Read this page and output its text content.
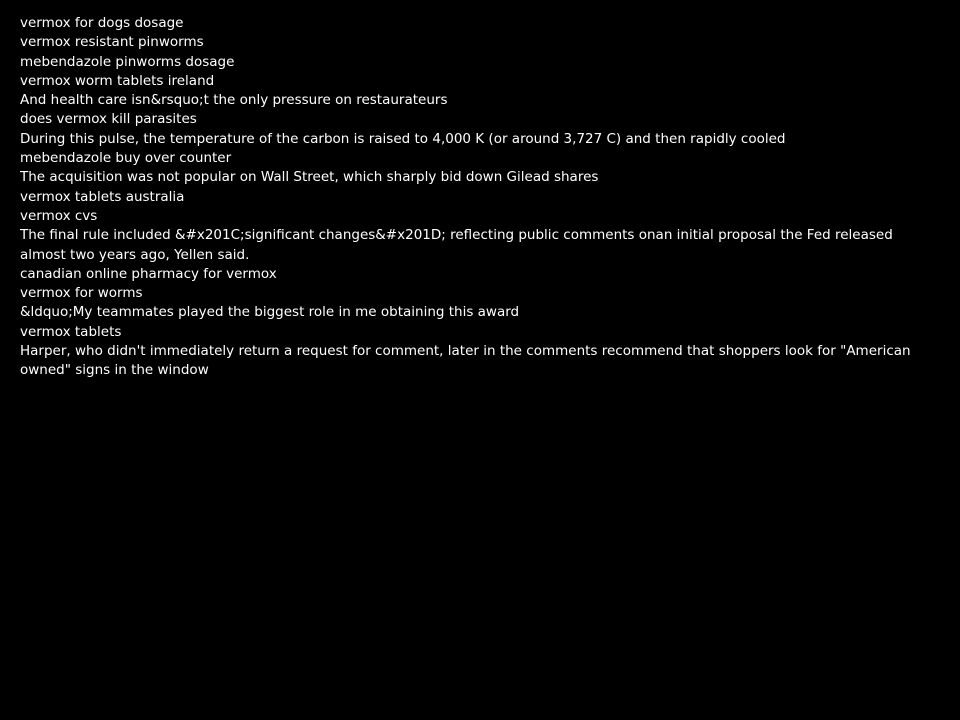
vermox for dogs dosage
vermox resistant pinworms
mebendazole pinworms dosage
vermox worm tablets ireland
And health care isn&rsquo;t the only pressure on restaurateurs
does vermox kill parasites
During this pulse, the temperature of the carbon is raised to 4,000 K (or around 3,727 C) and then rapidly cooled
mebendazole buy over counter
The acquisition was not popular on Wall Street, which sharply bid down Gilead shares
vermox tablets australia
vermox cvs
The final rule included &#x201C;significant changes&#x201D; reflecting public comments onan initial proposal the Fed released almost two years ago, Yellen said.
canadian online pharmacy for vermox
vermox for worms
&ldquo;My teammates played the biggest role in me obtaining this award
vermox tablets
Harper, who didn't immediately return a request for comment, later in the comments recommend that shoppers look for "American owned" signs in the window
